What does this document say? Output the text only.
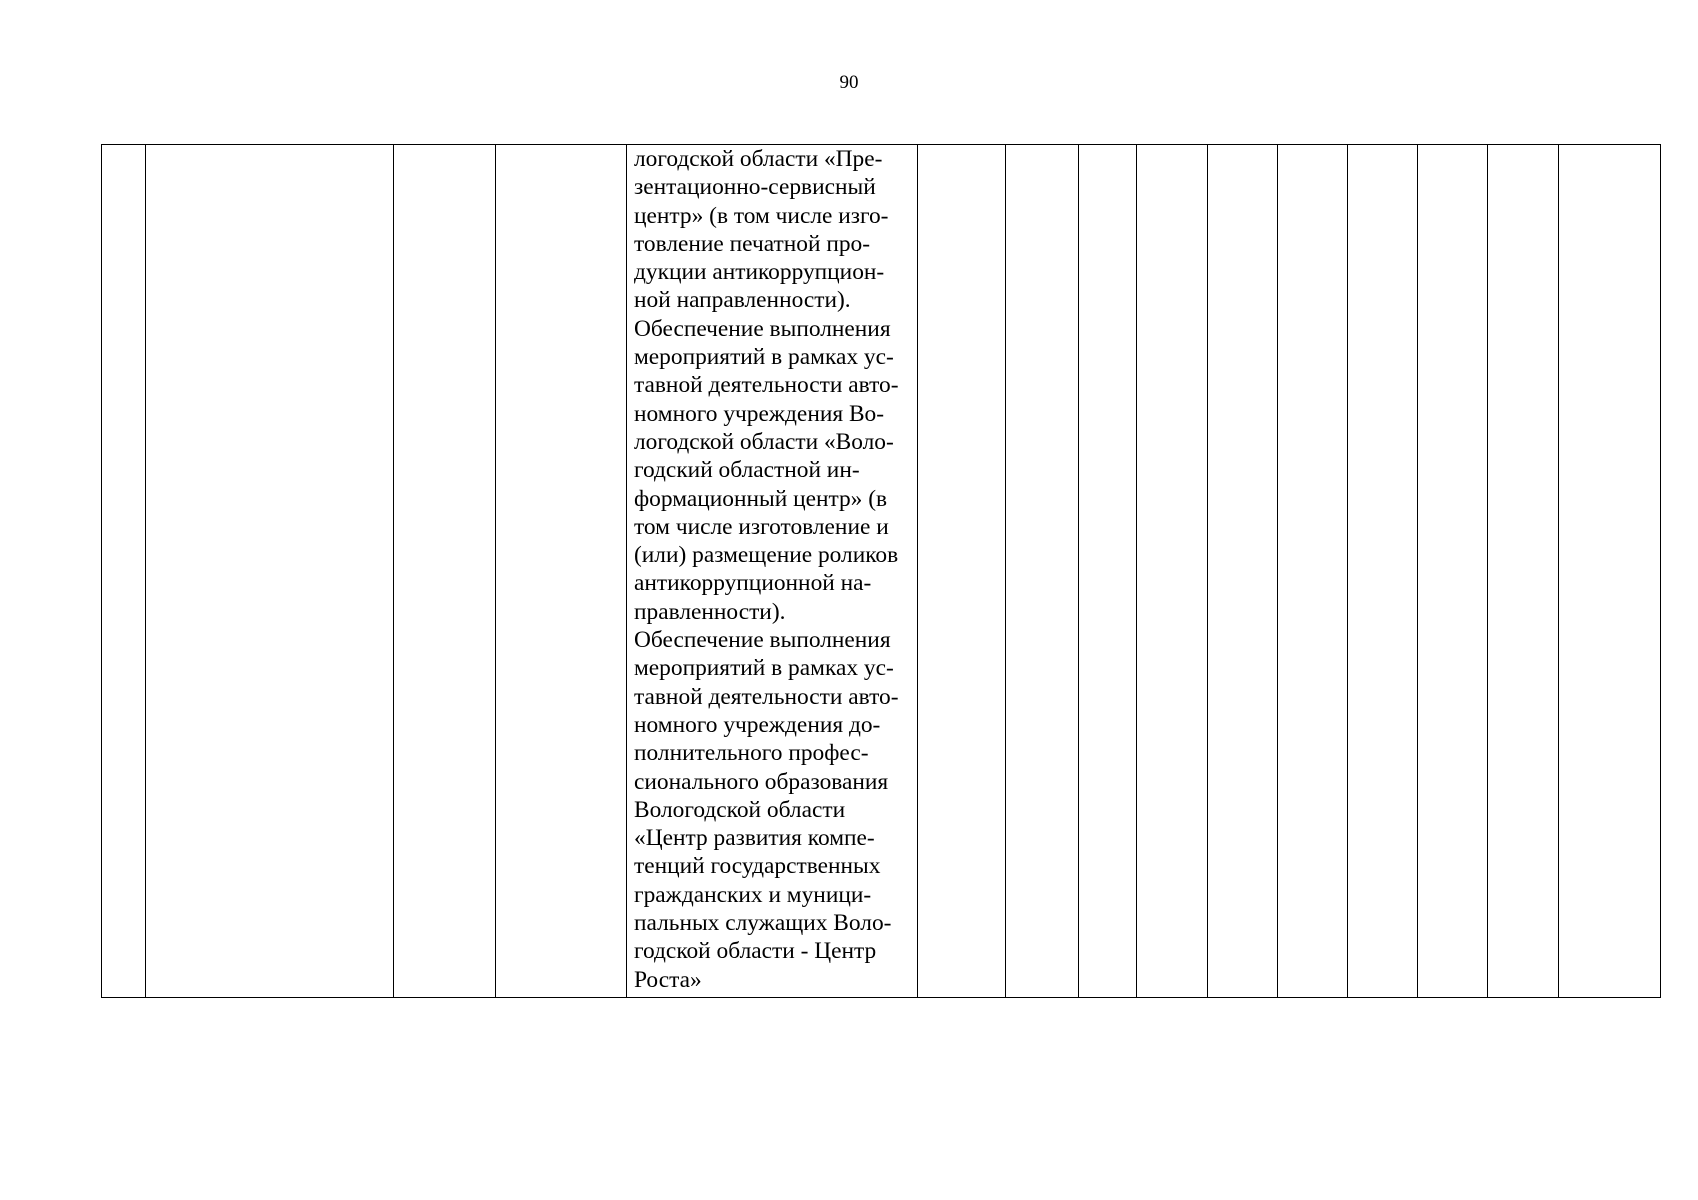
90

логодской области «Пре-
зентационно-сервисный
центр» (в том числе изго-
товление печатной про-
дукции антикоррупцион-
ной направленности).
Обеспечение выполнения
мероприятий в рамках ус-
тавной деятельности авто-
номного учреждения Во-
логодской области «Воло-
годский областной ин-
формационный центр» (в
том числе изготовление и
(или) размещение роликов
антикоррупционной на-
правленности).
Обеспечение выполнения
мероприятий в рамках ус-
тавной деятельности авто-
номного учреждения до-
полнительного профес-
сионального образования
Вологодской области
«Центр развития компе-
тенций государственных
гражданских и муници-
пальных служащих Воло-
годской области - Центр
Роста»
